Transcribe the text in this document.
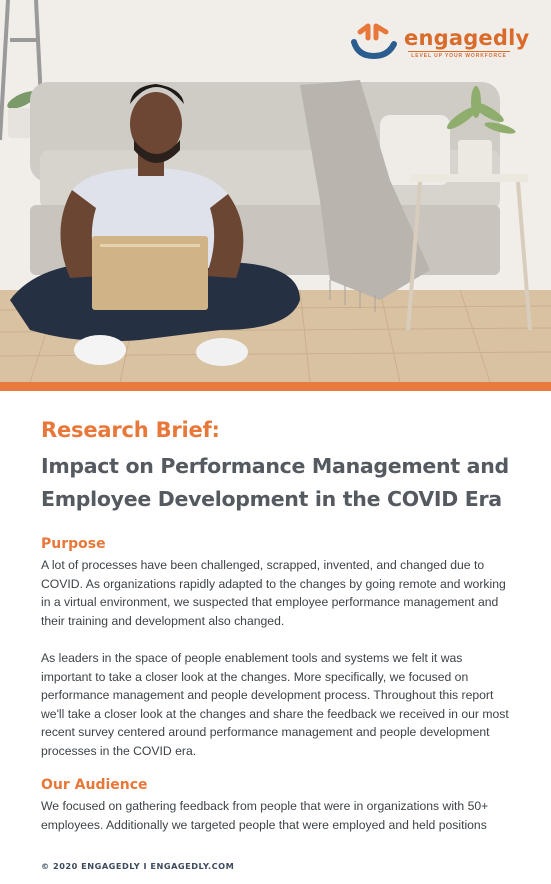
engagedly
LEVEL UP YOUR WORKFORCE
Research Brief:
Impact on Performance Management and Employee Development in the COVID Era
Purpose
A lot of processes have been challenged, scrapped, invented, and changed due to COVID. As organizations rapidly adapted to the changes by going remote and working in a virtual environment, we suspected that employee performance management and their training and development also changed.
As leaders in the space of people enablement tools and systems we felt it was important to take a closer look at the changes. More specifically, we focused on performance management and people development process. Throughout this report we'll take a closer look at the changes and share the feedback we received in our most recent survey centered around performance management and people development processes in the COVID era.
Our Audience
We focused on gathering feedback from people that were in organizations with 50+ employees. Additionally we targeted people that were employed and held positions
© 2020 ENGAGEDLY I ENGAGEDLY.COM
